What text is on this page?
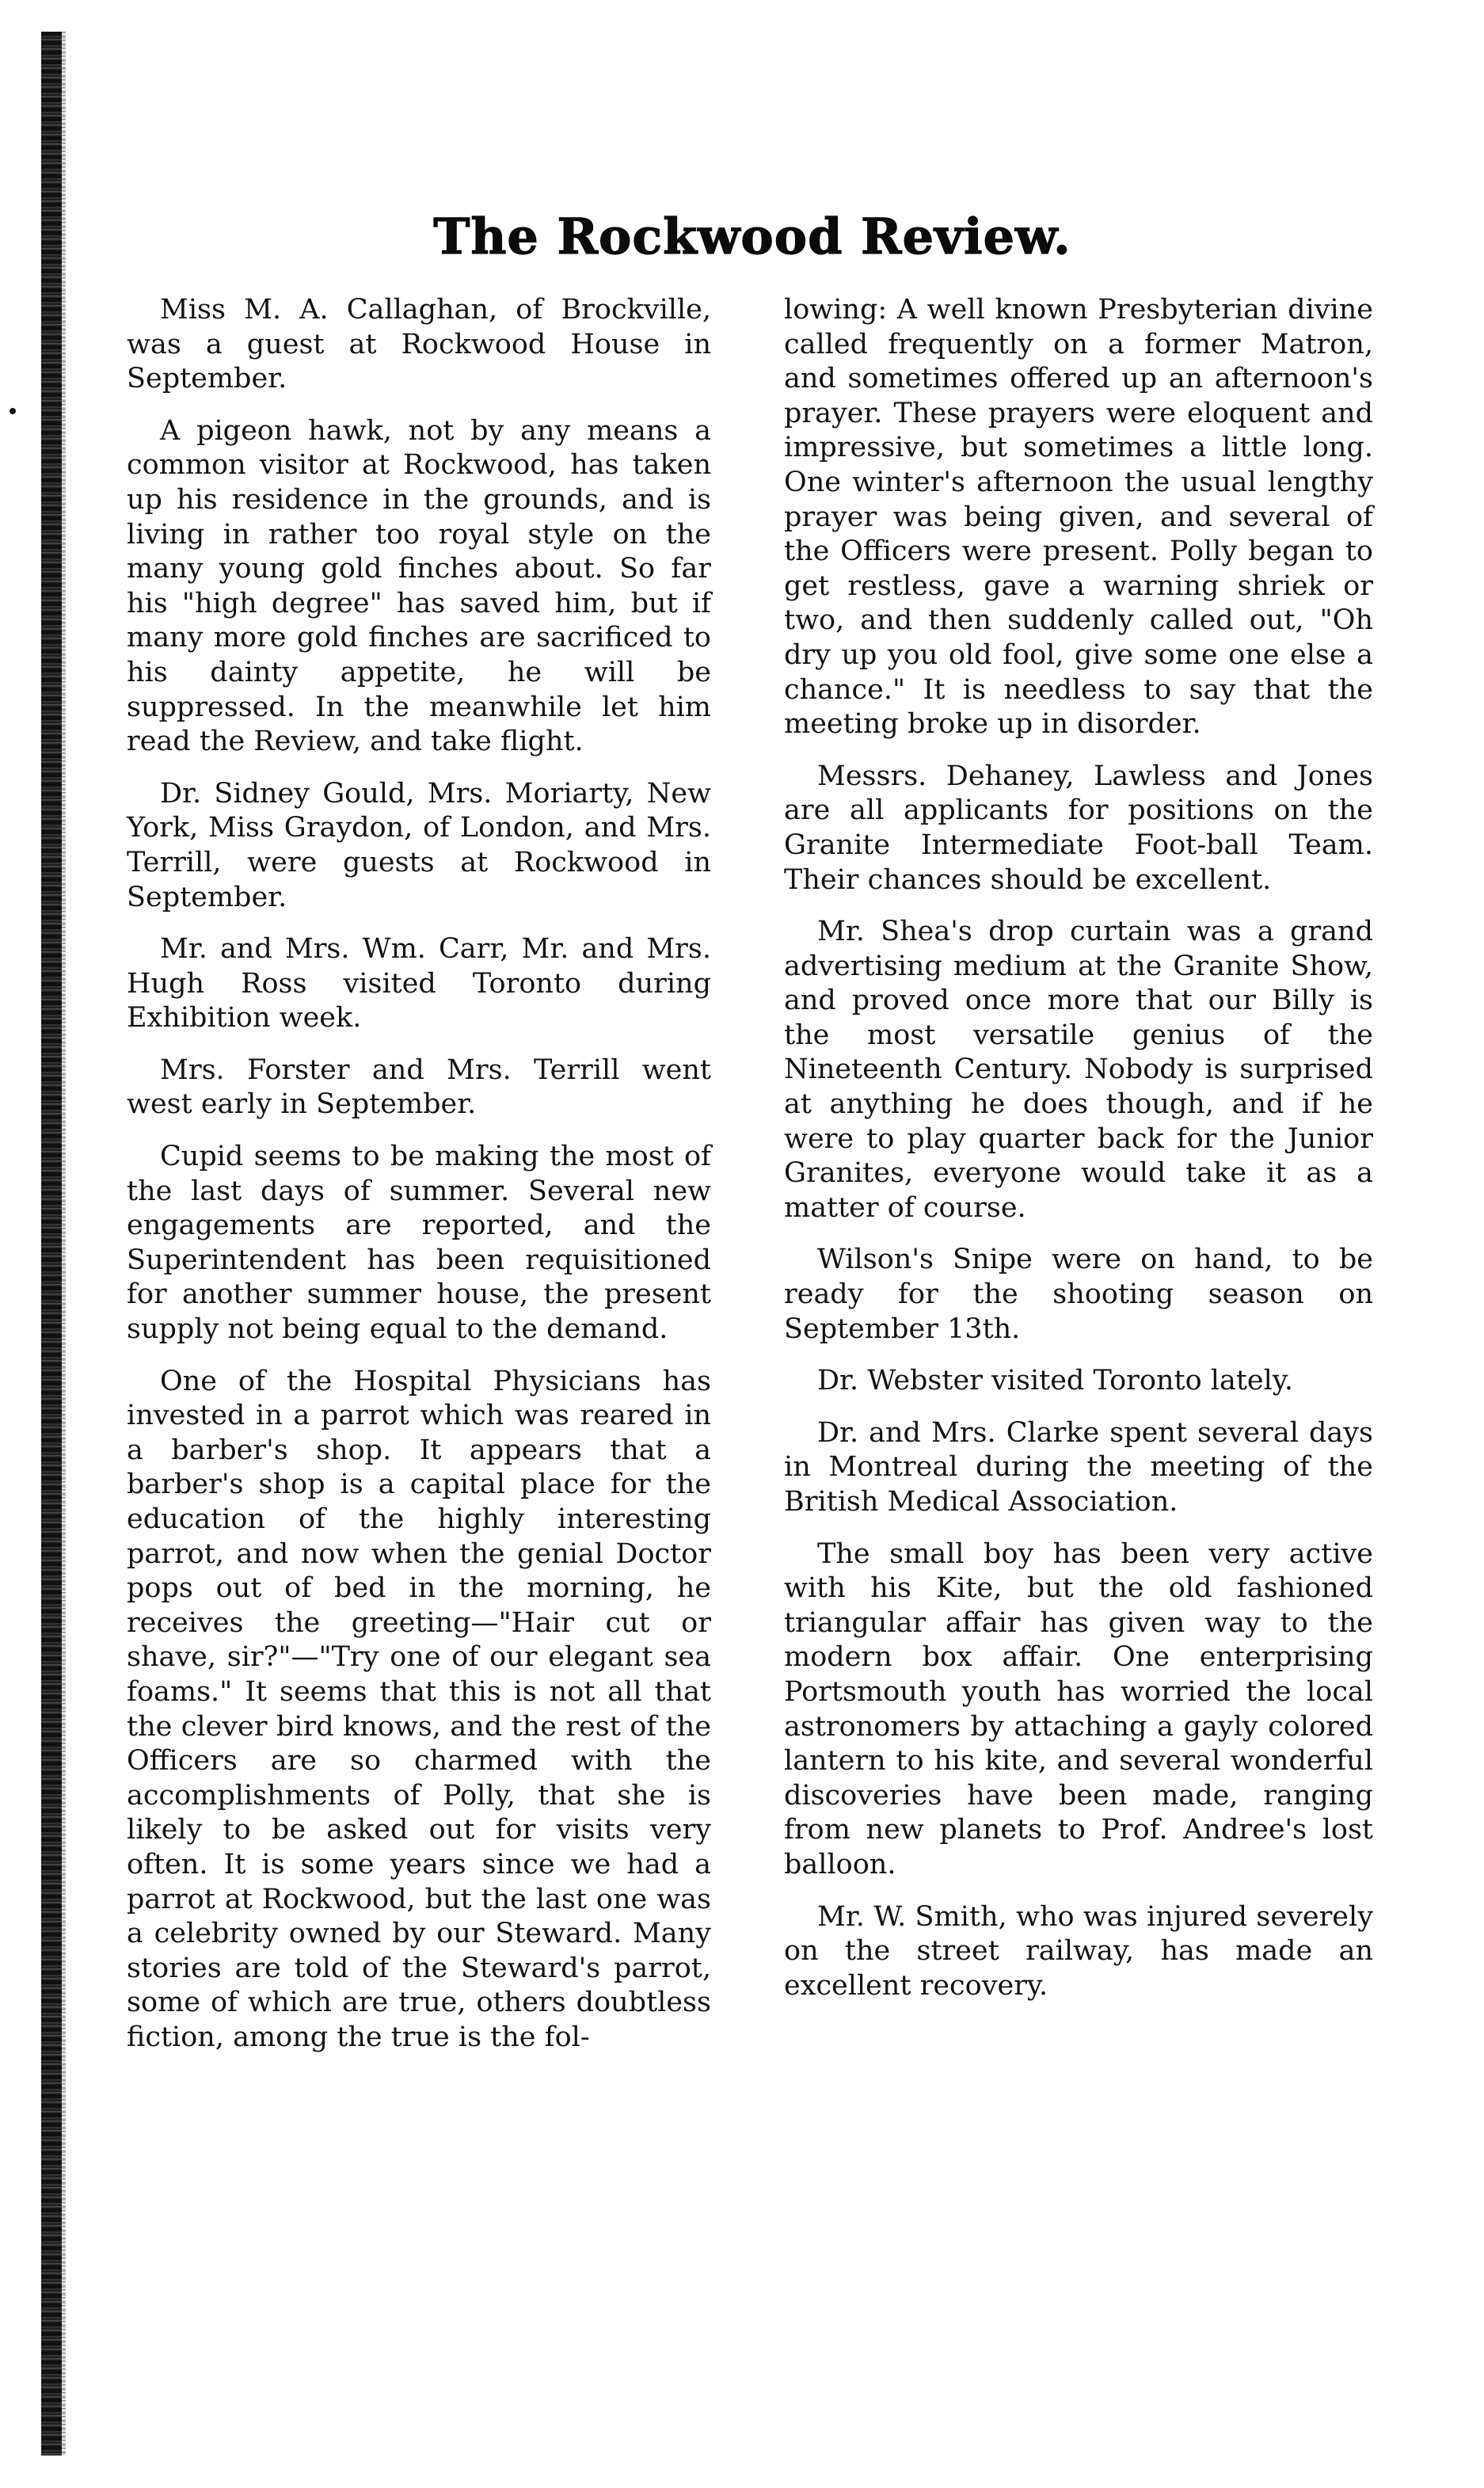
The Rockwood Review.

Miss M. A. Callaghan, of Brockville, was a guest at Rockwood House in September.

A pigeon hawk, not by any means a common visitor at Rockwood, has taken up his residence in the grounds, and is living in rather too royal style on the many young gold finches about. So far his "high degree" has saved him, but if many more gold finches are sacrificed to his dainty appetite, he will be suppressed. In the meanwhile let him read the Review, and take flight.

Dr. Sidney Gould, Mrs. Moriarty, New York, Miss Graydon, of London, and Mrs. Terrill, were guests at Rockwood in September.

Mr. and Mrs. Wm. Carr, Mr. and Mrs. Hugh Ross visited Toronto during Exhibition week.

Mrs. Forster and Mrs. Terrill went west early in September.

Cupid seems to be making the most of the last days of summer. Several new engagements are reported, and the Superintendent has been requisitioned for another summer house, the present supply not being equal to the demand.

One of the Hospital Physicians has invested in a parrot which was reared in a barber's shop. It appears that a barber's shop is a capital place for the education of the highly interesting parrot, and now when the genial Doctor pops out of bed in the morning, he receives the greeting—"Hair cut or shave, sir?"—"Try one of our elegant sea foams." It seems that this is not all that the clever bird knows, and the rest of the Officers are so charmed with the accomplishments of Polly, that she is likely to be asked out for visits very often. It is some years since we had a parrot at Rockwood, but the last one was a celebrity owned by our Steward. Many stories are told of the Steward's parrot, some of which are true, others doubtless fiction, among the true is the fol-

lowing: A well known Presbyterian divine called frequently on a former Matron, and sometimes offered up an afternoon's prayer. These prayers were eloquent and impressive, but sometimes a little long. One winter's afternoon the usual lengthy prayer was being given, and several of the Officers were present. Polly began to get restless, gave a warning shriek or two, and then suddenly called out, "Oh dry up you old fool, give some one else a chance." It is needless to say that the meeting broke up in disorder.

Messrs. Dehaney, Lawless and Jones are all applicants for positions on the Granite Intermediate Foot-ball Team. Their chances should be excellent.

Mr. Shea's drop curtain was a grand advertising medium at the Granite Show, and proved once more that our Billy is the most versatile genius of the Nineteenth Century. Nobody is surprised at anything he does though, and if he were to play quarter back for the Junior Granites, everyone would take it as a matter of course.

Wilson's Snipe were on hand, to be ready for the shooting season on September 13th.

Dr. Webster visited Toronto lately.

Dr. and Mrs. Clarke spent several days in Montreal during the meeting of the British Medical Association.

The small boy has been very active with his Kite, but the old fashioned triangular affair has given way to the modern box affair. One enterprising Portsmouth youth has worried the local astronomers by attaching a gayly colored lantern to his kite, and several wonderful discoveries have been made, ranging from new planets to Prof. Andree's lost balloon.

Mr. W. Smith, who was injured severely on the street railway, has made an excellent recovery.
